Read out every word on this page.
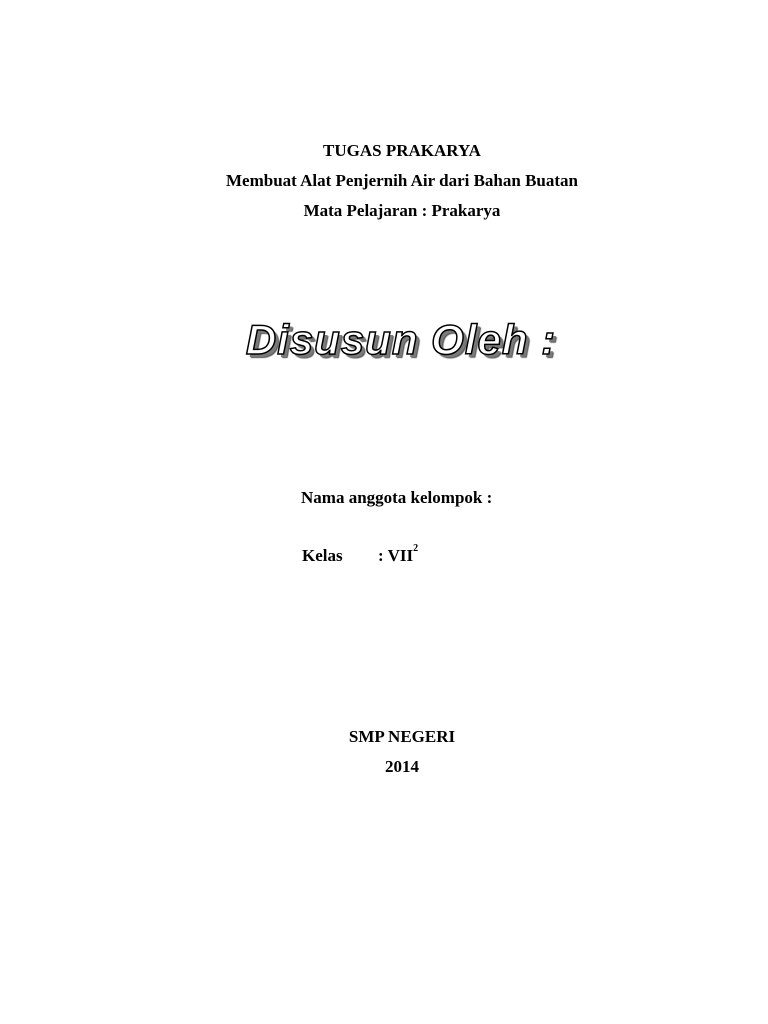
TUGAS PRAKARYA
Membuat Alat Penjernih Air dari Bahan Buatan
Mata Pelajaran : Prakarya
Disusun Oleh :
Nama anggota kelompok :
Kelas : VII$^2$
SMP NEGERI
2014
